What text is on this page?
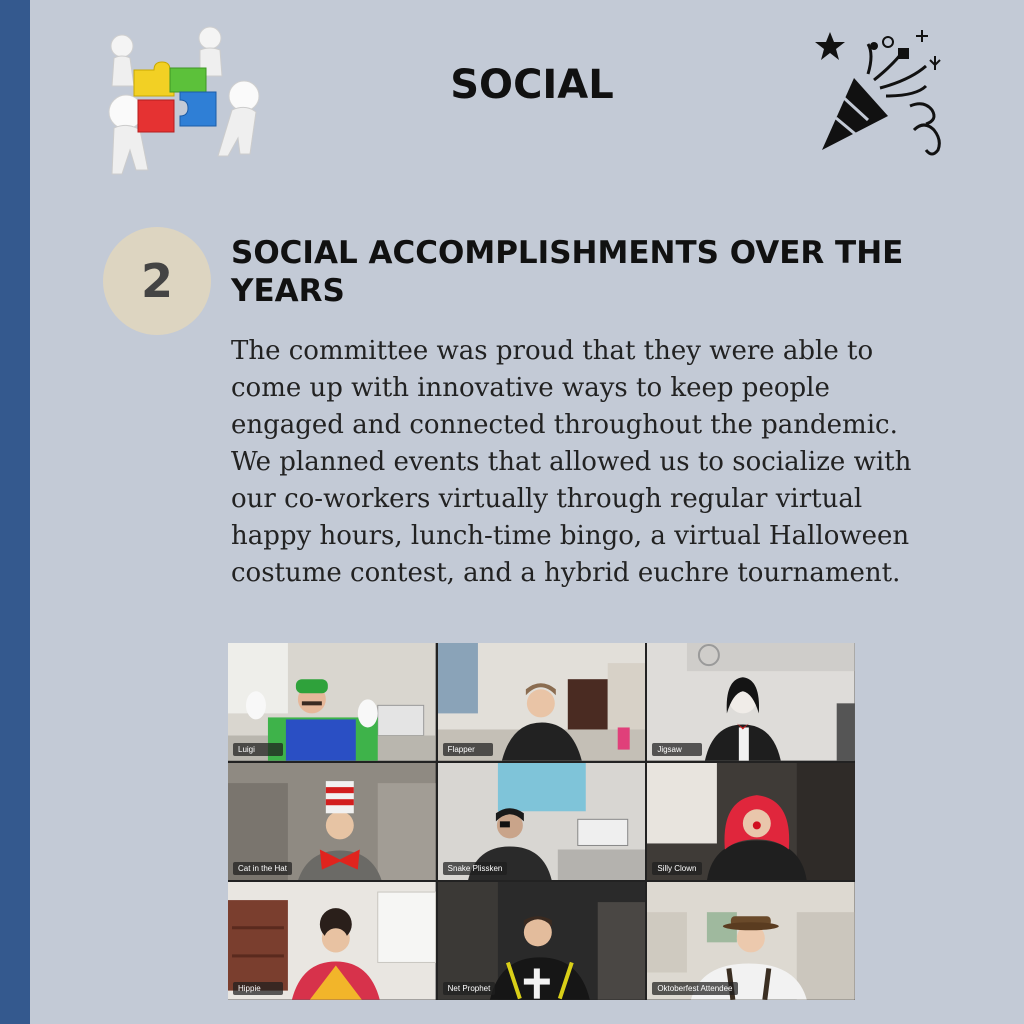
SOCIAL
2
SOCIAL ACCOMPLISHMENTS OVER THE YEARS
The committee was proud that they were able to come up with innovative ways to keep people engaged and connected throughout the pandemic. We planned events that allowed us to socialize with our co-workers virtually through regular virtual happy hours, lunch-time bingo, a virtual Halloween costume contest, and a hybrid euchre tournament.
Luigi	Flapper	Jigsaw
Cat in the Hat	Snake Plissken	Silly Clown
Hippie	Net Prophet	Oktoberfest Attendee
